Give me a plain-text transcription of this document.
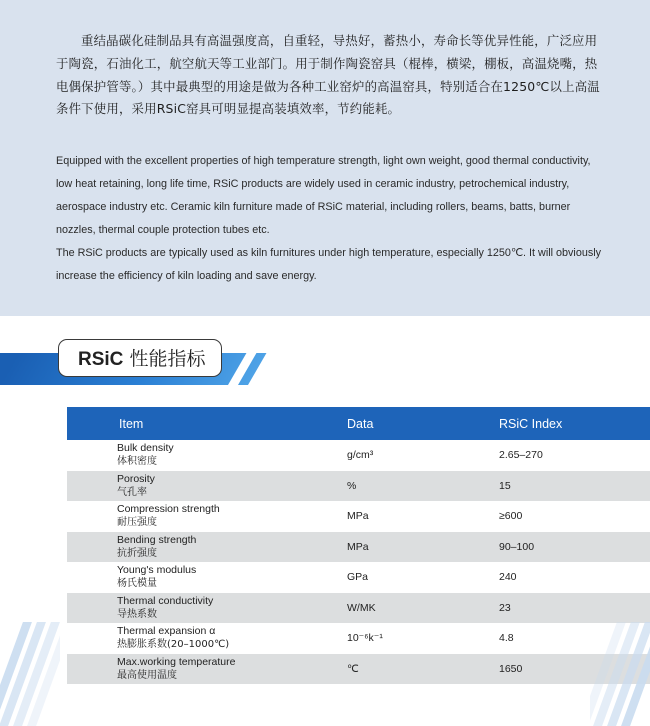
重结晶碳化硅制品具有高温强度高，自重轻，导热好，蓄热小，寿命长等优异性能，广泛应用于陶瓷，石油化工，航空航天等工业部门。用于制作陶瓷窑具（棍棒，横梁，棚板，高温烧嘴，热电偶保护管等。）其中最典型的用途是做为各种工业窑炉的高温窑具，特别适合在1250℃以上高温条件下使用，采用RSiC窑具可明显提高装填效率，节约能耗。

Equipped with the excellent properties of high temperature strength, light own weight, good thermal conductivity, low heat retaining, long life time, RSiC products are widely used in ceramic industry, petrochemical industry, aerospace industry etc. Ceramic kiln furniture made of RSiC material, including rollers, beams, batts, burner nozzles, thermal couple protection tubes etc.

The RSiC products are typically used as kiln furnitures under high temperature, especially 1250℃. It will obviously increase the efficiency of kiln loading and save energy.

RSiC 性能指标
Item	Data	RSiC Index

Bulk density
体积密度	g/cm³	2.65–270

Porosity
气孔率	%	15

Compression strength
耐压强度	MPa	≥600

Bending strength
抗折强度	MPa	90–100

Young's modulus
杨氏模量	GPa	240

Thermal conductivity
导热系数	W/MK	23

Thermal expansion α
热膨胀系数(20–1000℃)	10⁻⁶k⁻¹	4.8

Max.working temperature
最高使用温度	℃	1650
